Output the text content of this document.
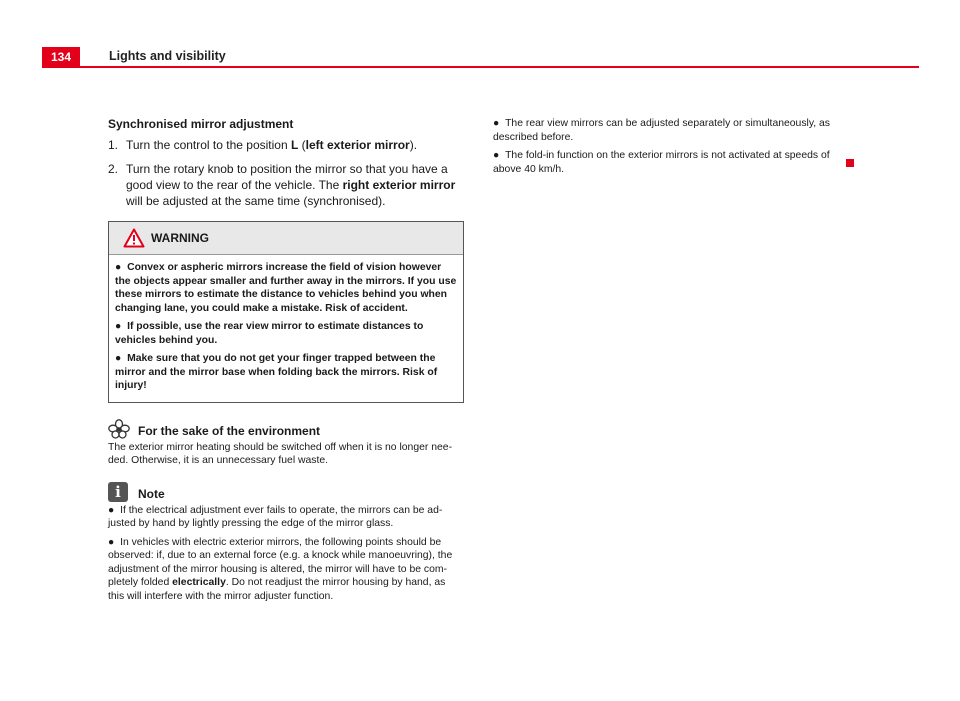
134	Lights and visibility
Synchronised mirror adjustment
1. Turn the control to the position L (left exterior mirror).
2. Turn the rotary knob to position the mirror so that you have a good view to the rear of the vehicle. The right exterior mirror will be adjusted at the same time (synchronised).
WARNING
● Convex or aspheric mirrors increase the field of vision however the objects appear smaller and further away in the mirrors. If you use these mirrors to estimate the distance to vehicles behind you when changing lane, you could make a mistake. Risk of accident.
● If possible, use the rear view mirror to estimate distances to vehicles behind you.
● Make sure that you do not get your finger trapped between the mirror and the mirror base when folding back the mirrors. Risk of injury!
For the sake of the environment
The exterior mirror heating should be switched off when it is no longer nee-ded. Otherwise, it is an unnecessary fuel waste.
i	Note
● If the electrical adjustment ever fails to operate, the mirrors can be ad-justed by hand by lightly pressing the edge of the mirror glass.
● In vehicles with electric exterior mirrors, the following points should be observed: if, due to an external force (e.g. a knock while manoeuvring), the adjustment of the mirror housing is altered, the mirror will have to be com-pletely folded electrically. Do not readjust the mirror housing by hand, as this will interfere with the mirror adjuster function.
● The rear view mirrors can be adjusted separately or simultaneously, as described before.
● The fold-in function on the exterior mirrors is not activated at speeds of above 40 km/h.
